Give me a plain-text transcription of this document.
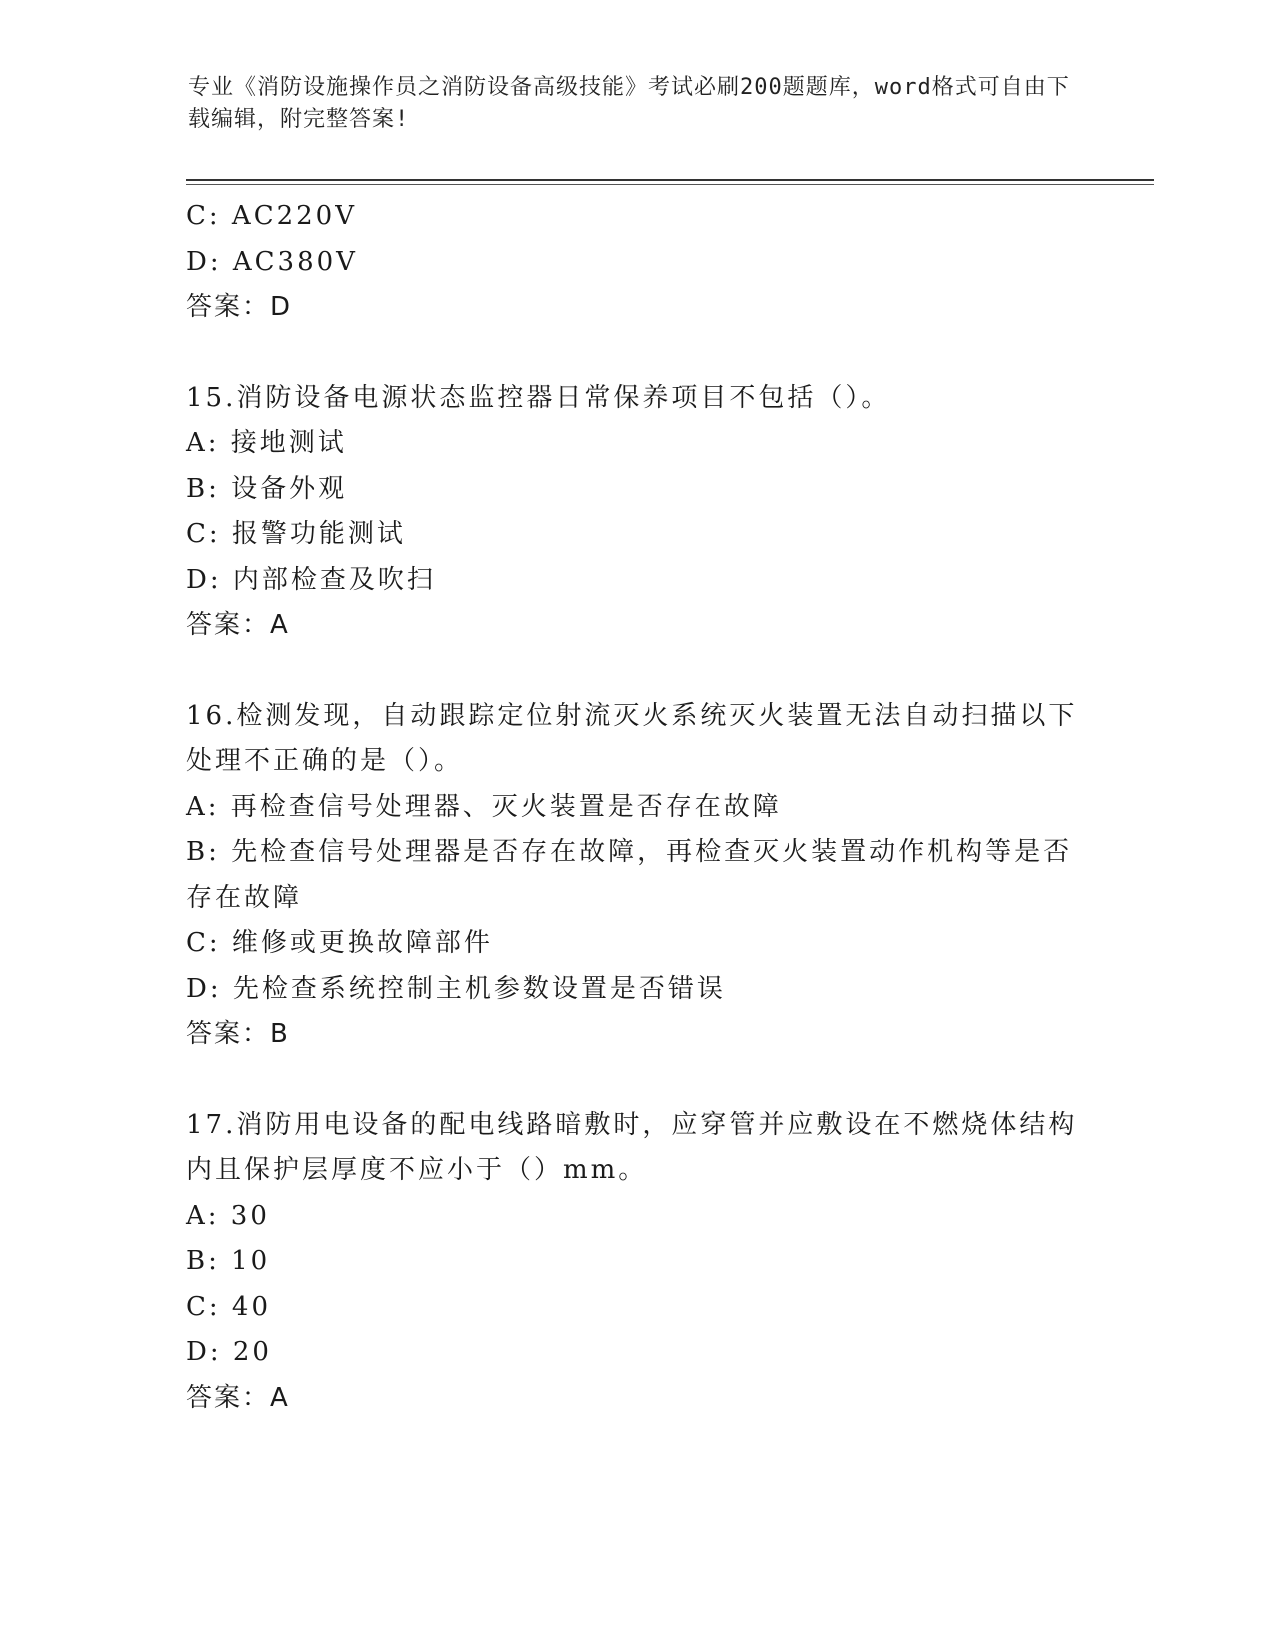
专业《消防设施操作员之消防设备高级技能》考试必刷200题题库，word格式可自由下载编辑，附完整答案!
C: AC220V
D: AC380V
答案：D
15.消防设备电源状态监控器日常保养项目不包括（）。
A: 接地测试
B: 设备外观
C: 报警功能测试
D: 内部检查及吹扫
答案：A
16.检测发现，自动跟踪定位射流灭火系统灭火装置无法自动扫描以下处理不正确的是（）。
A: 再检查信号处理器、灭火装置是否存在故障
B: 先检查信号处理器是否存在故障，再检查灭火装置动作机构等是否存在故障
C: 维修或更换故障部件
D: 先检查系统控制主机参数设置是否错误
答案：B
17.消防用电设备的配电线路暗敷时，应穿管并应敷设在不燃烧体结构内且保护层厚度不应小于（）mm。
A: 30
B: 10
C: 40
D: 20
答案：A
